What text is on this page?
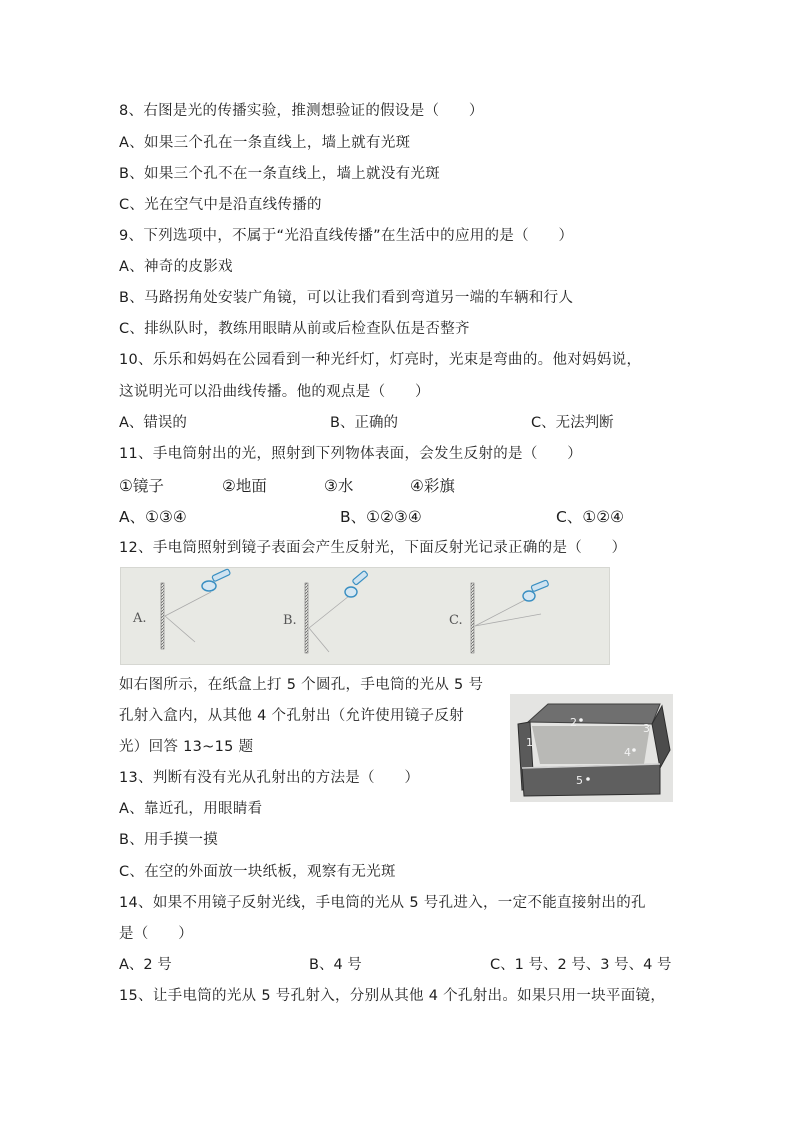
8、右图是光的传播实验，推测想验证的假设是（　　）
A、如果三个孔在一条直线上，墙上就有光斑
B、如果三个孔不在一条直线上，墙上就没有光斑
C、光在空气中是沿直线传播的
9、下列选项中，不属于“光沿直线传播”在生活中的应用的是（　　）
A、神奇的皮影戏
B、马路拐角处安装广角镜，可以让我们看到弯道另一端的车辆和行人
C、排纵队时，教练用眼睛从前或后检查队伍是否整齐
10、乐乐和妈妈在公园看到一种光纤灯，灯亮时，光束是弯曲的。他对妈妈说，
这说明光可以沿曲线传播。他的观点是（　　）
A、错误的	B、正确的	C、无法判断
11、手电筒射出的光，照射到下列物体表面，会发生反射的是（　　）
①镜子	②地面	③水	④彩旗
A、①③④	B、①②③④	C、①②④
12、手电筒照射到镜子表面会产生反射光，下面反射光记录正确的是（　　）
A.	B.	C.
如右图所示，在纸盒上打 5 个圆孔，手电筒的光从 5 号
孔射入盒内，从其他 4 个孔射出（允许使用镜子反射
光）回答 13~15 题	1
2	3
4
5
13、判断有没有光从孔射出的方法是（　　）
A、靠近孔，用眼睛看
B、用手摸一摸
C、在空的外面放一块纸板，观察有无光斑
14、如果不用镜子反射光线，手电筒的光从 5 号孔进入，一定不能直接射出的孔
是（　　）
A、2 号	B、4 号	C、1 号、2 号、3 号、4 号
15、让手电筒的光从 5 号孔射入，分别从其他 4 个孔射出。如果只用一块平面镜，
